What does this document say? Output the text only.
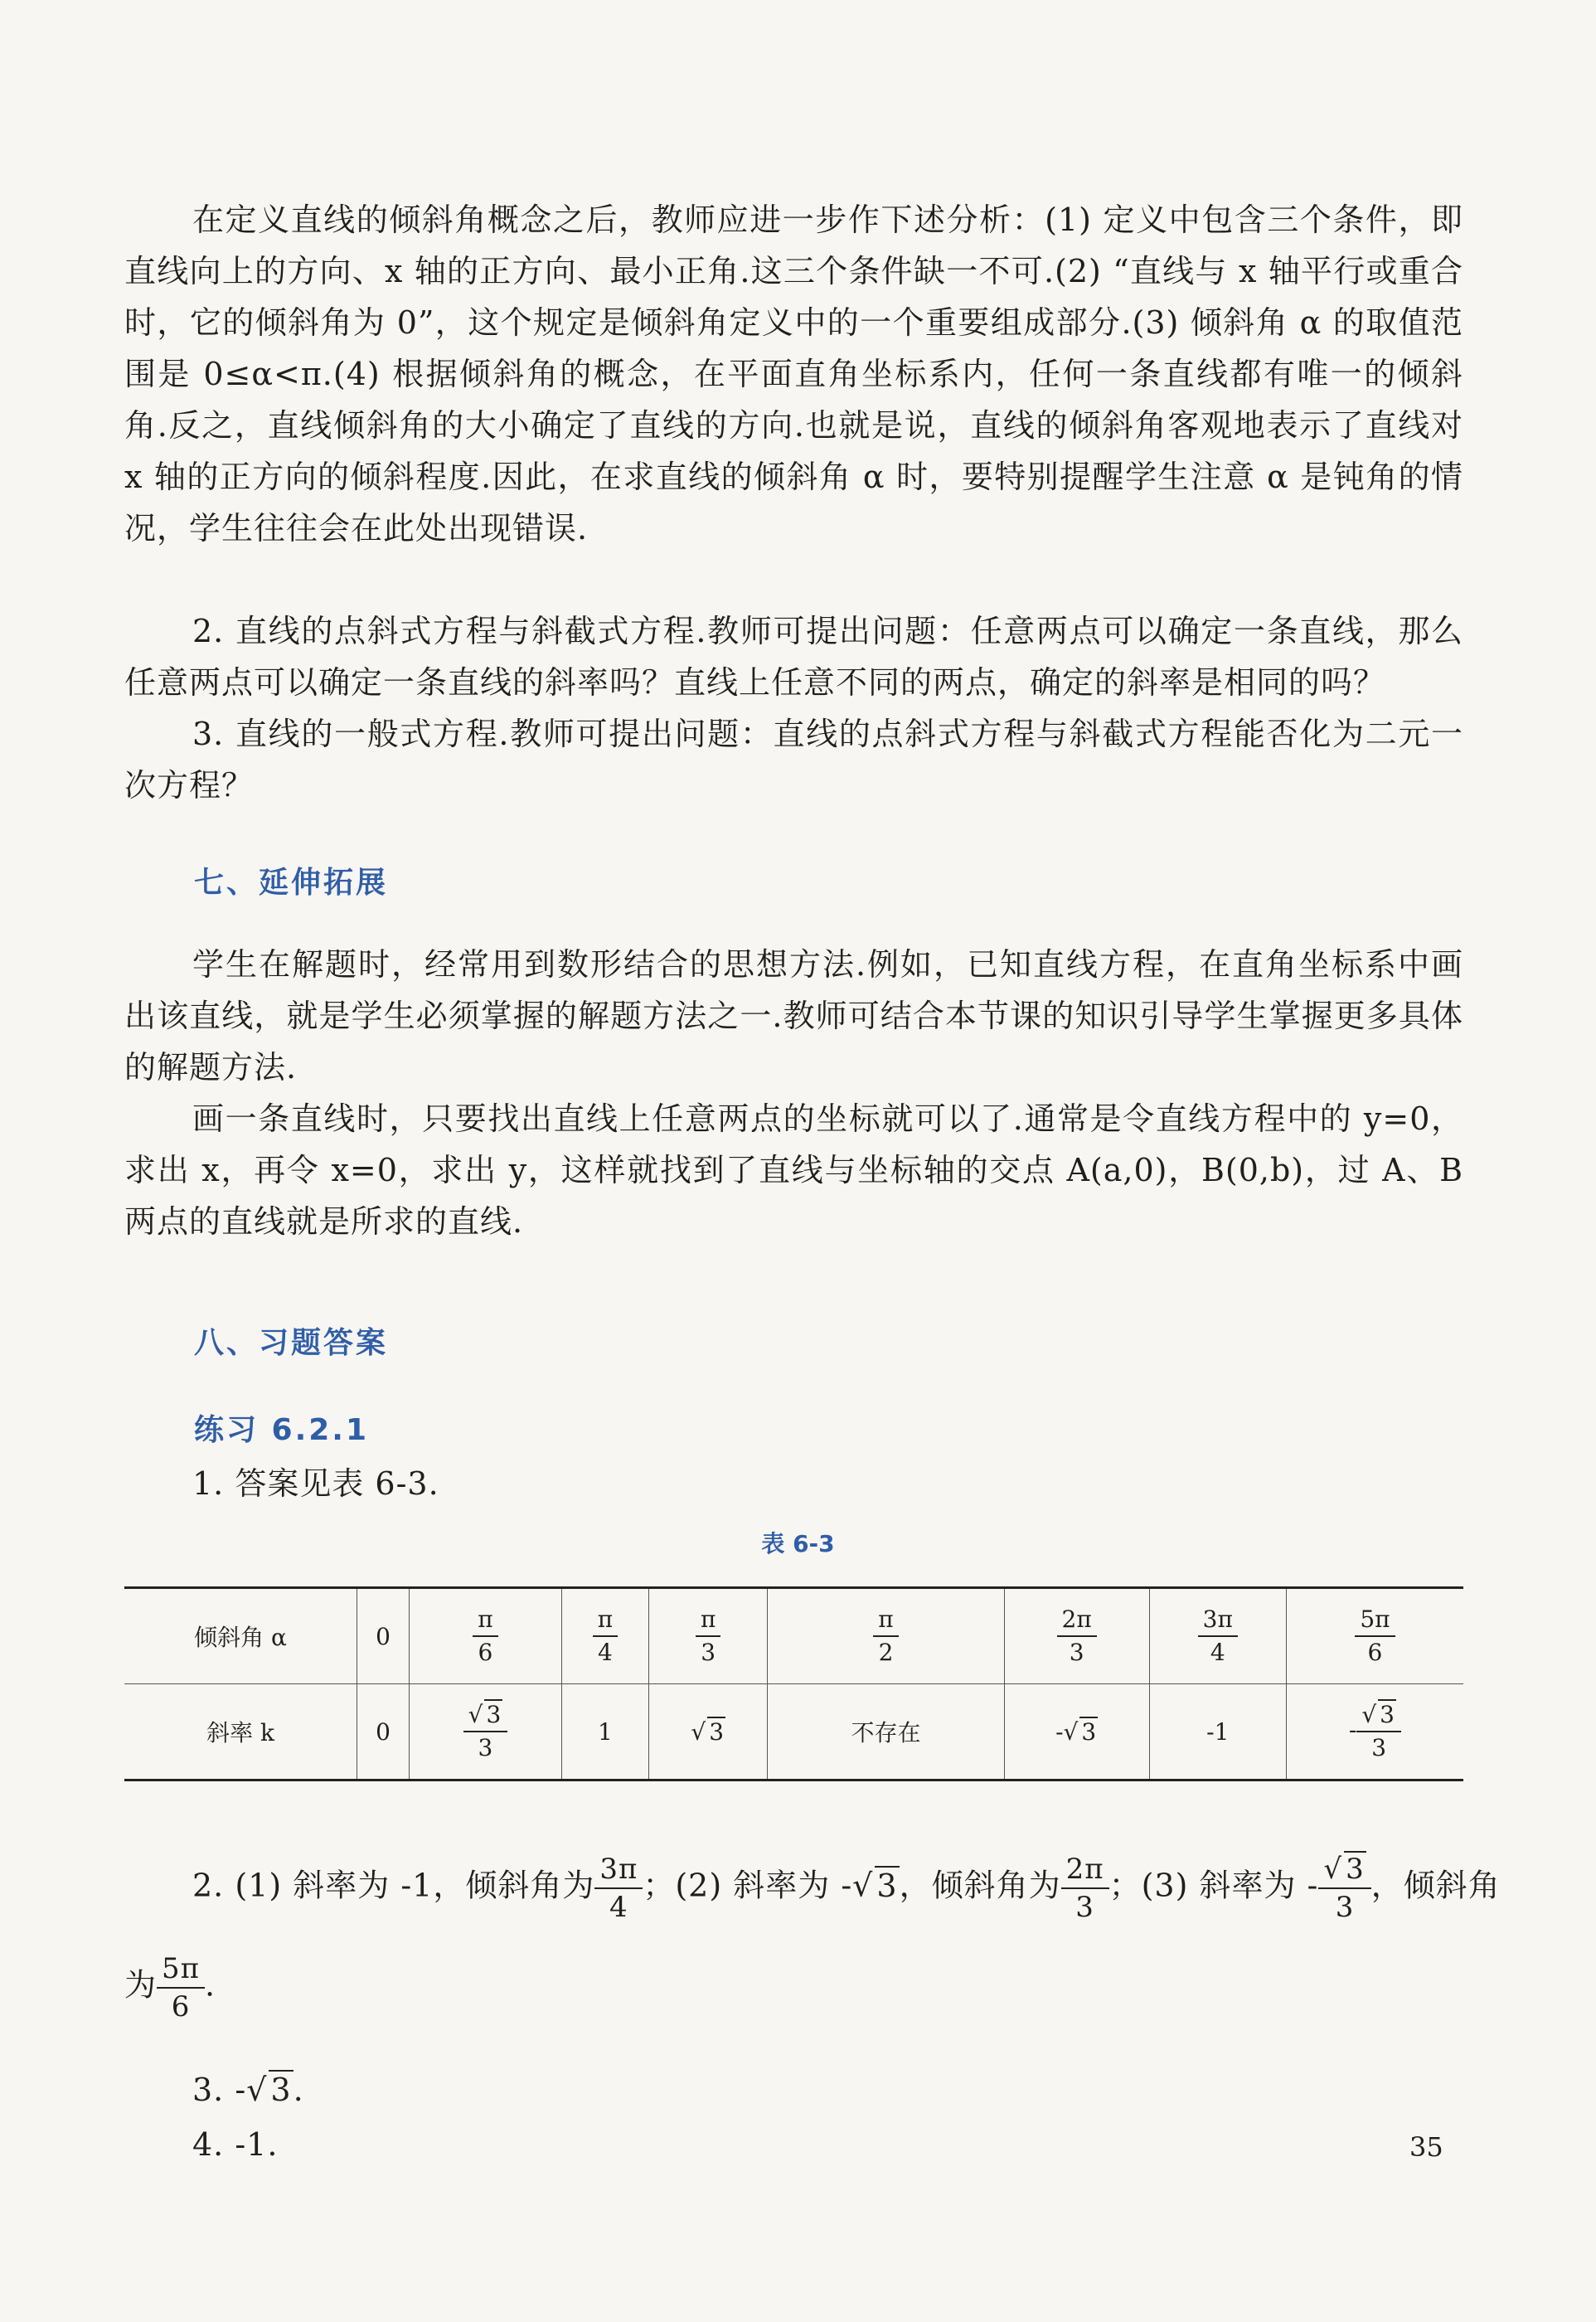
在定义直线的倾斜角概念之后，教师应进一步作下述分析：(1) 定义中包含三个条件，即直线向上的方向、x 轴的正方向、最小正角.这三个条件缺一不可.(2) “直线与 x 轴平行或重合时，它的倾斜角为 0”，这个规定是倾斜角定义中的一个重要组成部分.(3) 倾斜角 α 的取值范围是 0≤α<π.(4) 根据倾斜角的概念，在平面直角坐标系内，任何一条直线都有唯一的倾斜角.反之，直线倾斜角的大小确定了直线的方向.也就是说，直线的倾斜角客观地表示了直线对 x 轴的正方向的倾斜程度.因此，在求直线的倾斜角 α 时，要特别提醒学生注意 α 是钝角的情况，学生往往会在此处出现错误.

2. 直线的点斜式方程与斜截式方程.教师可提出问题：任意两点可以确定一条直线，那么任意两点可以确定一条直线的斜率吗？直线上任意不同的两点，确定的斜率是相同的吗？

3. 直线的一般式方程.教师可提出问题：直线的点斜式方程与斜截式方程能否化为二元一次方程？

七、延伸拓展

学生在解题时，经常用到数形结合的思想方法.例如，已知直线方程，在直角坐标系中画出该直线，就是学生必须掌握的解题方法之一.教师可结合本节课的知识引导学生掌握更多具体的解题方法.

画一条直线时，只要找出直线上任意两点的坐标就可以了.通常是令直线方程中的 y=0，求出 x，再令 x=0，求出 y，这样就找到了直线与坐标轴的交点 A(a,0)，B(0,b)，过 A、B 两点的直线就是所求的直线.

八、习题答案
练习 6.2.1
1. 答案见表 6-3.
表 6-3
倾斜角 α	0	$\frac{\pi}{6}$	$\frac{\pi}{4}$	$\frac{\pi}{3}$	$\frac{\pi}{2}$	$\frac{2\pi}{3}$	$\frac{3\pi}{4}$	$\frac{5\pi}{6}$

斜率 k	0	$\frac{√ 3}{3}$	1	√ 3	不存在	-√ 3	-1	- $\frac{√ 3}{3}$
2. (1) 斜率为 -1，倾斜角为 $\frac{3\pi}{4}$ ；(2) 斜率为 -√ 3，倾斜角为 $\frac{2\pi}{3}$ ；(3) 斜率为 - $\frac{√ 3}{3}$ ，倾斜角
为 $\frac{5\pi}{6}$ .
3. -√ 3.
4. -1.	35
